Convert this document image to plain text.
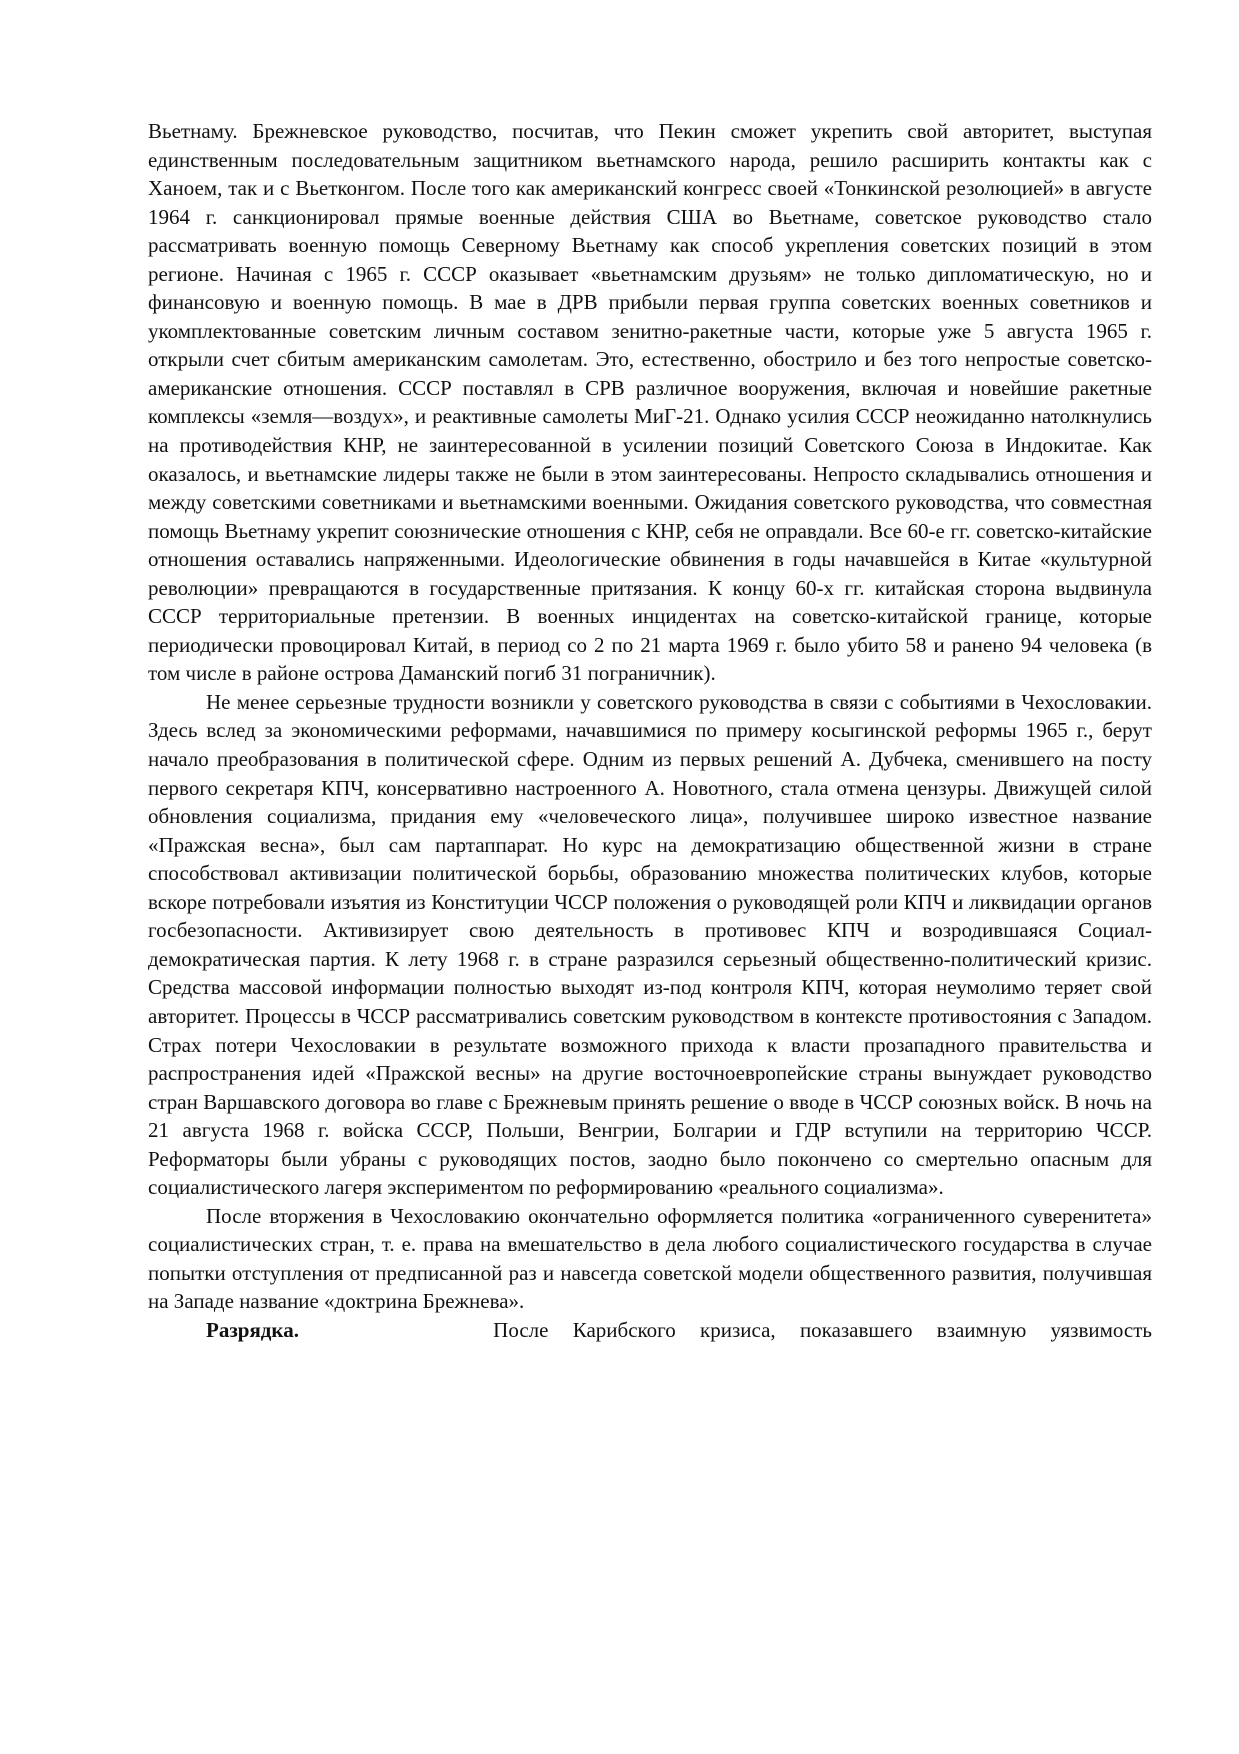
Вьетнаму. Брежневское руководство, посчитав, что Пекин сможет укрепить свой авторитет, выступая единственным последовательным защитником вьетнамского народа, решило расширить контакты как с Ханоем, так и с Вьетконгом. После того как американский конгресс своей «Тонкинской резолюцией» в августе 1964 г. санкционировал прямые военные действия США во Вьетнаме, советское руководство стало рассматривать военную помощь Северному Вьетнаму как способ укрепления советских позиций в этом регионе. Начиная с 1965 г. СССР оказывает «вьетнамским друзьям» не только дипломатическую, но и финансовую и военную помощь. В мае в ДРВ прибыли первая группа советских военных советников и укомплектованные советским личным составом зенитно-ракетные части, которые уже 5 августа 1965 г. открыли счет сбитым американским самолетам. Это, естественно, обострило и без того непростые советско-американские отношения. СССР поставлял в СРВ различное вооружения, включая и новейшие ракетные комплексы «земля—воздух», и реактивные самолеты МиГ-21. Однако усилия СССР неожиданно натолкнулись на противодействия КНР, не заинтересованной в усилении позиций Советского Союза в Индокитае. Как оказалось, и вьетнамские лидеры также не были в этом заинтересованы. Непросто складывались отношения и между советскими советниками и вьетнамскими военными. Ожидания советского руководства, что совместная помощь Вьетнаму укрепит союзнические отношения с КНР, себя не оправдали. Все 60-е гг. советско-китайские отношения оставались напряженными. Идеологические обвинения в годы начавшейся в Китае «культурной революции» превращаются в государственные притязания. К концу 60-х гг. китайская сторона выдвинула СССР территориальные претензии. В военных инцидентах на советско-китайской границе, которые периодически провоцировал Китай, в период со 2 по 21 марта 1969 г. было убито 58 и ранено 94 человека (в том числе в районе острова Даманский погиб 31 пограничник).

Не менее серьезные трудности возникли у советского руководства в связи с событиями в Чехословакии. Здесь вслед за экономическими реформами, начавшимися по примеру косыгинской реформы 1965 г., берут начало преобразования в политической сфере. Одним из первых решений А. Дубчека, сменившего на посту первого секретаря КПЧ, консервативно настроенного А. Новотного, стала отмена цензуры. Движущей силой обновления социализма, придания ему «человеческого лица», получившее широко известное название «Пражская весна», был сам партаппарат. Но курс на демократизацию общественной жизни в стране способствовал активизации политической борьбы, образованию множества политических клубов, которые вскоре потребовали изъятия из Конституции ЧССР положения о руководящей роли КПЧ и ликвидации органов госбезопасности. Активизирует свою деятельность в противовес КПЧ и возродившаяся Социал-демократическая партия. К лету 1968 г. в стране разразился серьезный общественно-политический кризис. Средства массовой информации полностью выходят из-под контроля КПЧ, которая неумолимо теряет свой авторитет. Процессы в ЧССР рассматривались советским руководством в контексте противостояния с Западом. Страх потери Чехословакии в результате возможного прихода к власти прозападного правительства и распространения идей «Пражской весны» на другие восточноевропейские страны вынуждает руководство стран Варшавского договора во главе с Брежневым принять решение о вводе в ЧССР союзных войск. В ночь на 21 августа 1968 г. войска СССР, Польши, Венгрии, Болгарии и ГДР вступили на территорию ЧССР. Реформаторы были убраны с руководящих постов, заодно было покончено со смертельно опасным для социалистического лагеря экспериментом по реформированию «реального социализма».

После вторжения в Чехословакию окончательно оформляется политика «ограниченного суверенитета» социалистических стран, т. е. права на вмешательство в дела любого социалистического государства в случае попытки отступления от предписанной раз и навсегда советской модели общественного развития, получившая на Западе название «доктрина Брежнева».

Разрядка.	После Карибского кризиса, показавшего взаимную уязвимость
